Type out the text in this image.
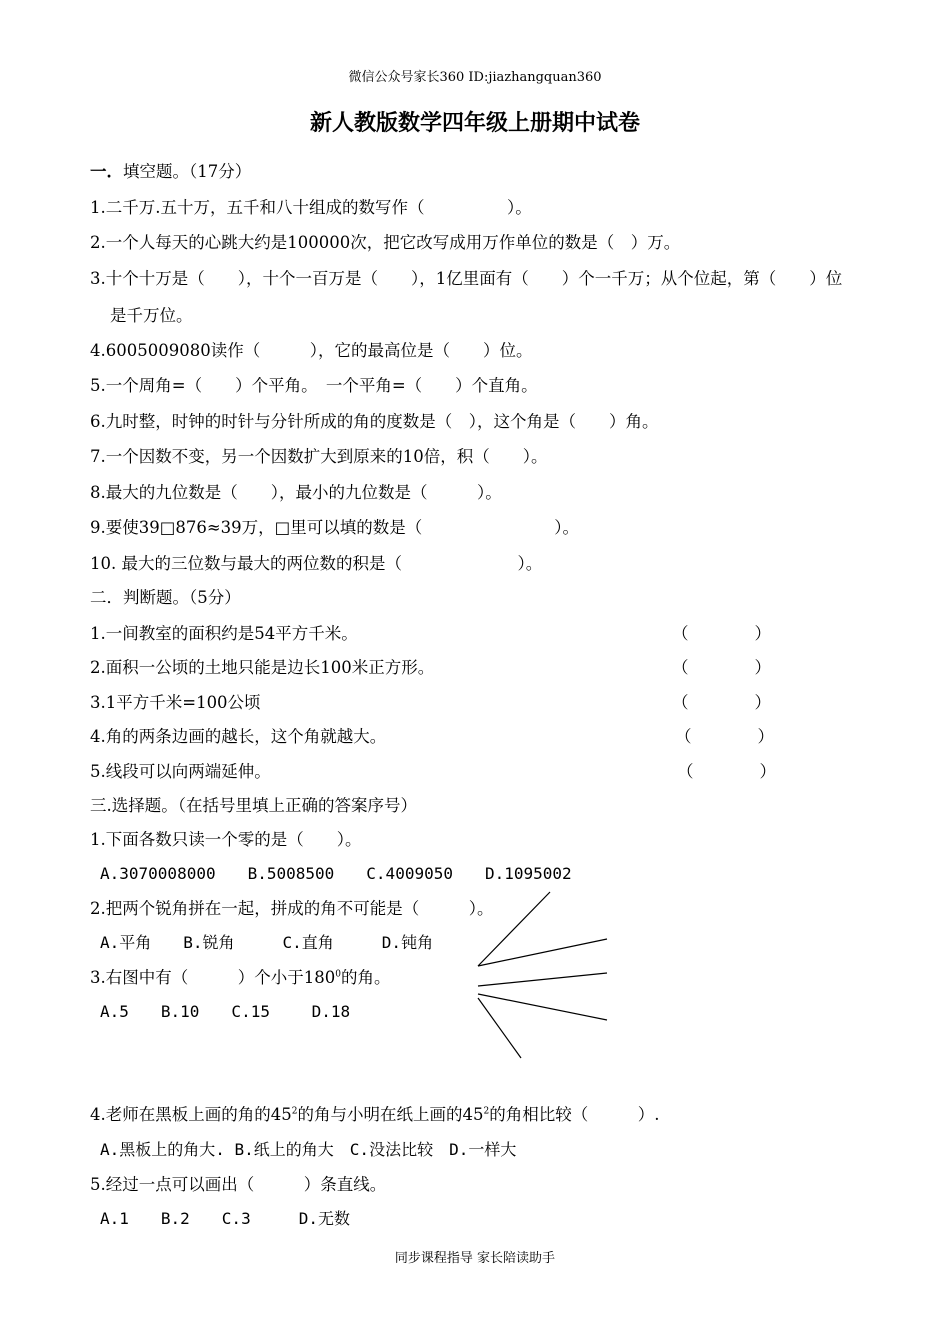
微信公众号家长360 ID:jiazhangquan360
新人教版数学四年级上册期中试卷
一．填空题。（17分）
1.二千万.五十万，五千和八十组成的数写作（　　　　　）。
2.一个人每天的心跳大约是100000次，把它改写成用万作单位的数是（　）万。
3.十个十万是（　　），十个一百万是（　　），1亿里面有（　　）个一千万；从个位起，第（　　）位
是千万位。
4.6005009080读作（　　　），它的最高位是（　　）位。
5.一个周角=（　　）个平角。　一个平角=（　　）个直角。
6.九时整，时钟的时针与分针所成的角的度数是（　），这个角是（　　）角。
7.一个因数不变，另一个因数扩大到原来的10倍，积（　　）。
8.最大的九位数是（　　），最小的九位数是（　　　）。
9.要使39□876≈39万，□里可以填的数是（　　　　　　　　）。
10. 最大的三位数与最大的两位数的积是（　　　　　　　）。
二．判断题。（5分）
1.一间教室的面积约是54平方千米。	（　　　　）
2.面积一公顷的土地只能是边长100米正方形。	（　　　　）
3.1平方千米=100公顷	（　　　　）
4.角的两条边画的越长，这个角就越大。	（　　　　）
5.线段可以向两端延伸。	（　　　　）
三.选择题。（在括号里填上正确的答案序号）
1.下面各数只读一个零的是（　　）。
A.3070008000　　B.5008500　　C.4009050　　D.1095002
2.把两个锐角拼在一起，拼成的角不可能是（　　　）。
A.平角　　B.锐角　　　C.直角　　　D.钝角
3.右图中有（　　　）个小于$180^0$的角。
A.5　　B.10　　C.15　　 D.18
4.老师在黑板上画的角的$45^2$的角与小明在纸上画的$45^2$的角相比较（　　　）.
A.黑板上的角大. B.纸上的角大　C.没法比较　D.一样大
5.经过一点可以画出（　　　）条直线。
A.1　　B.2　　C.3　　　D.无数
同步课程指导 家长陪读助手
